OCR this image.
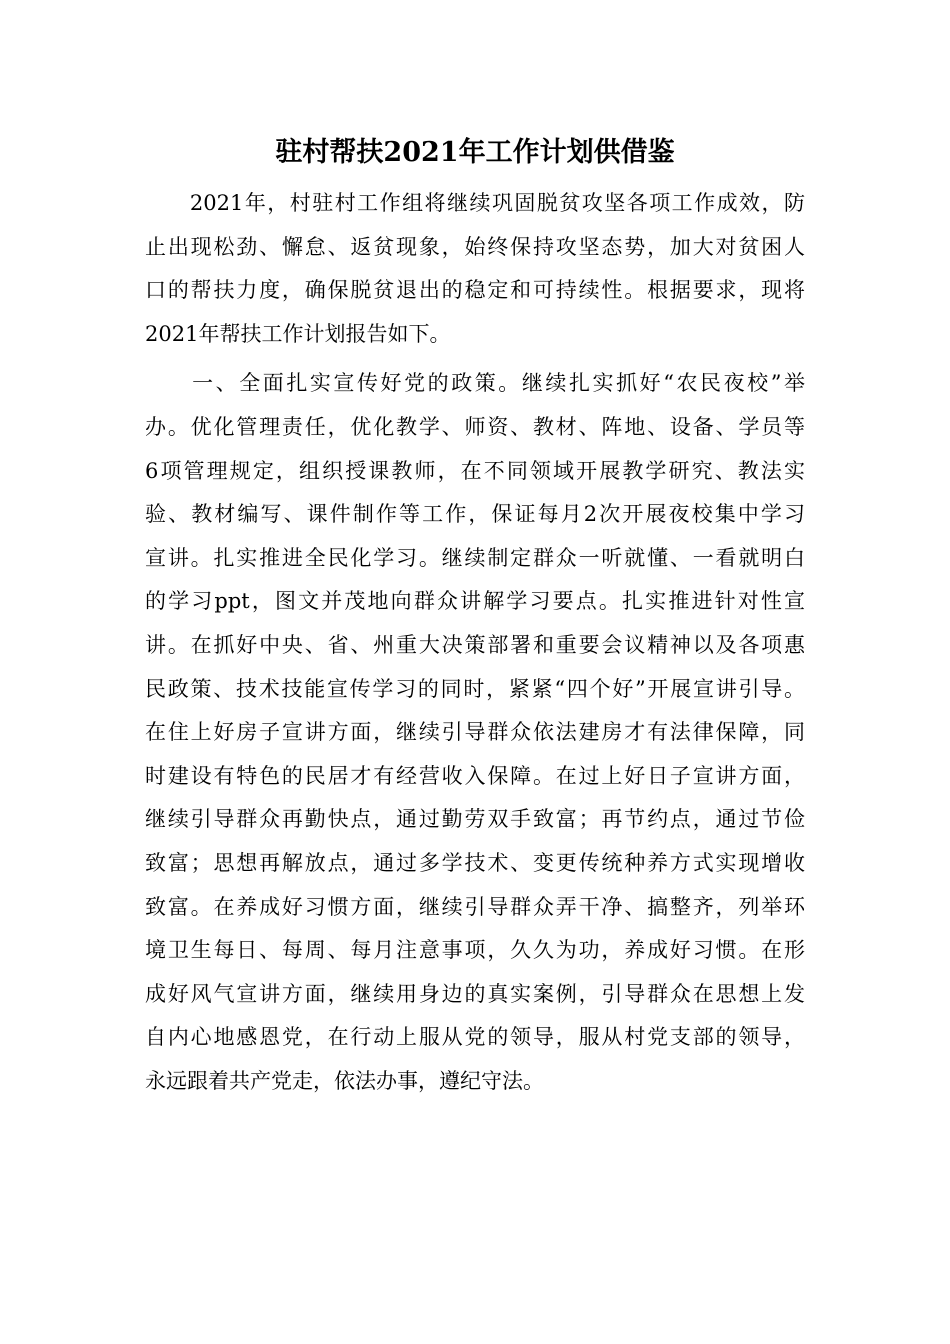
驻村帮扶2021年工作计划供借鉴
　　2021年，村驻村工作组将继续巩固脱贫攻坚各项工作成效，防
止出现松劲、懈怠、返贫现象，始终保持攻坚态势，加大对贫困人
口的帮扶力度，确保脱贫退出的稳定和可持续性。根据要求，现将
2021年帮扶工作计划报告如下。
　　一、全面扎实宣传好党的政策。继续扎实抓好“农民夜校”举
办。优化管理责任，优化教学、师资、教材、阵地、设备、学员等
6项管理规定，组织授课教师，在不同领域开展教学研究、教法实
验、教材编写、课件制作等工作，保证每月2次开展夜校集中学习
宣讲。扎实推进全民化学习。继续制定群众一听就懂、一看就明白
的学习ppt，图文并茂地向群众讲解学习要点。扎实推进针对性宣
讲。在抓好中央、省、州重大决策部署和重要会议精神以及各项惠
民政策、技术技能宣传学习的同时，紧紧“四个好”开展宣讲引导。
在住上好房子宣讲方面，继续引导群众依法建房才有法律保障，同
时建设有特色的民居才有经营收入保障。在过上好日子宣讲方面，
继续引导群众再勤快点，通过勤劳双手致富；再节约点，通过节俭
致富；思想再解放点，通过多学技术、变更传统种养方式实现增收
致富。在养成好习惯方面，继续引导群众弄干净、搞整齐，列举环
境卫生每日、每周、每月注意事项，久久为功，养成好习惯。在形
成好风气宣讲方面，继续用身边的真实案例，引导群众在思想上发
自内心地感恩党，在行动上服从党的领导，服从村党支部的领导，
永远跟着共产党走，依法办事，遵纪守法。
